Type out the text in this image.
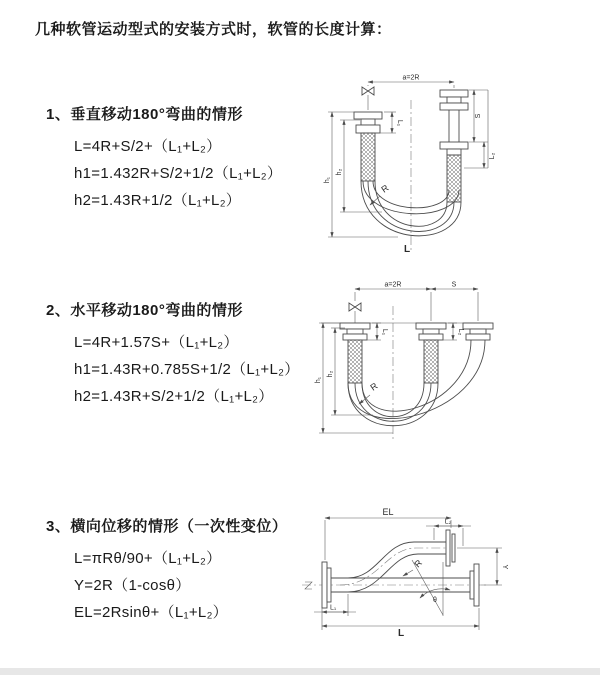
几种软管运动型式的安装方式时，软管的长度计算：
1、垂直移动180°弯曲的情形
L=4R+S/2+（L₁+L₂）
h1=1.432R+S/2+1/2（L₁+L₂）
h2=1.43R+1/2（L₁+L₂）
2、水平移动180°弯曲的情形
L=4R+1.57S+（L₁+L₂）
h1=1.43R+0.785S+1/2（L₁+L₂）
h2=1.43R+S/2+1/2（L₁+L₂）
3、横向位移的情形（一次性变位）
L=πRθ/90+（L₁+L₂）
Y=2R（1-cosθ）
EL=2Rsinθ+（L₁+L₂）
a=2R
L₁
S
L₂
R
h₁
h₂
L
a=2R	S
L₁	L₂
R
h₁
h₂
EL
L₂
θ
R	Y
L₁
L
